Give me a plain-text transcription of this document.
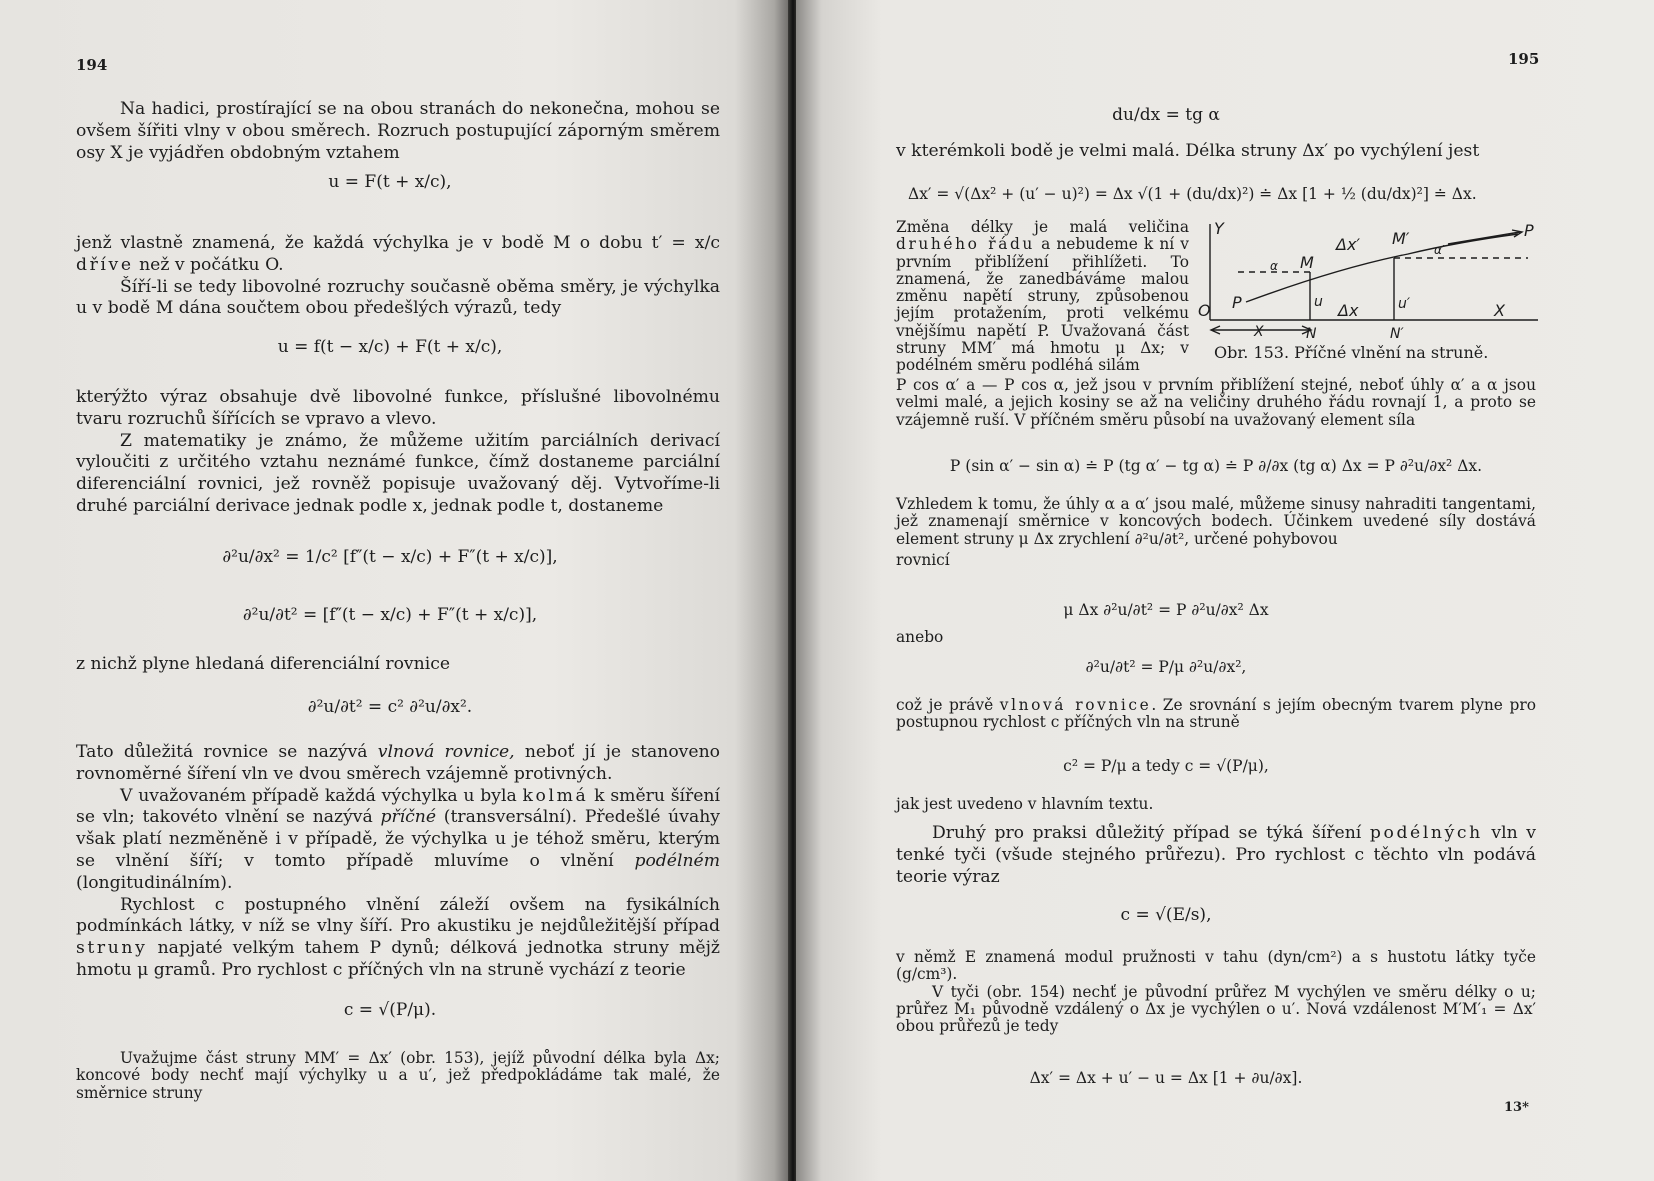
194

Na hadici, prostírající se na obou stranách do nekonečna, mohou se ovšem šířiti vlny v obou směrech. Rozruch postupující záporným směrem osy X je vyjádřen obdobným vztahem

u = F(t + x/c),

jenž vlastně znamená, že každá výchylka je v bodě M o dobu t′ = x/c dříve než v počátku O.

Šíří-li se tedy libovolné rozruchy současně oběma směry, je výchylka u v bodě M dána součtem obou předešlých výrazů, tedy

u = f(t − x/c) + F(t + x/c),

kterýžto výraz obsahuje dvě libovolné funkce, příslušné libovolnému tvaru rozruchů šířících se vpravo a vlevo.

Z matematiky je známo, že můžeme užitím parciálních derivací vyloučiti z určitého vztahu neznámé funkce, čímž dostaneme parciální diferenciální rovnici, jež rovněž popisuje uvažovaný děj. Vytvoříme-li druhé parciální derivace jednak podle x, jednak podle t, dostaneme

∂²u/∂x² = 1/c² [f″(t − x/c) + F″(t + x/c)],
∂²u/∂t² = [f″(t − x/c) + F″(t + x/c)],

z nichž plyne hledaná diferenciální rovnice

∂²u/∂t² = c² ∂²u/∂x².

Tato důležitá rovnice se nazývá vlnová rovnice, neboť jí je stanoveno rovnoměrné šíření vln ve dvou směrech vzájemně protivných.

V uvažovaném případě každá výchylka u byla kolmá k směru šíření se vln; takovéto vlnění se nazývá příčné (transversální). Předešlé úvahy však platí nezměněně i v případě, že výchylka u je téhož směru, kterým se vlnění šíří; v tomto případě mluvíme o vlnění podélném (longitudinálním).

Rychlost c postupného vlnění záleží ovšem na fysikálních podmínkách látky, v níž se vlny šíří. Pro akustiku je nejdůležitější případ struny napjaté velkým tahem P dynů; délková jednotka struny mějž hmotu μ gramů. Pro rychlost c příčných vln na struně vychází z teorie

c = √(P/μ).

Uvažujme část struny MM′ = Δx′ (obr. 153), jejíž původní délka byla Δx; koncové body nechť mají výchylky u a u′, jež předpokládáme tak malé, že směrnice struny

195
du/dx = tg α

v kterémkoli bodě je velmi malá. Délka struny Δx′ po vychýlení jest

Δx′ = √(Δx² + (u′ − u)²) = Δx √(1 + (du/dx)²) ≐ Δx [1 + ½ (du/dx)²] ≐ Δx.

Změna délky je malá veličina druhého řádu a nebudeme k ní v prvním přiblížení přihlížeti. To znamená, že zanedbáváme malou změnu napětí struny, způsobenou jejím protažením, proti velkému vnějšímu napětí P. Uvažovaná část struny MM′ má hmotu μ Δx; v podélném směru podléhá silám

Y
M
Δx′ M′
α′
P
α
P	u Δx	u′
O	X
X	N	N′
Obr. 153. Příčné vlnění na struně.

P cos α′ a — P cos α, jež jsou v prvním přiblížení stejné, neboť úhly α′ a α jsou velmi malé, a jejich kosiny se až na veličiny druhého řádu rovnají 1, a proto se vzájemně ruší. V příčném směru působí na uvažovaný element síla

P (sin α′ − sin α) ≐ P (tg α′ − tg α) ≐ P ∂/∂x (tg α) Δx = P ∂²u/∂x² Δx.

Vzhledem k tomu, že úhly α a α′ jsou malé, můžeme sinusy nahraditi tangentami, jež znamenají směrnice v koncových bodech. Účinkem uvedené síly dostává element struny μ Δx zrychlení ∂²u/∂t², určené pohybovou

rovnicí

μ Δx ∂²u/∂t² = P ∂²u/∂x² Δx

anebo

∂²u/∂t² = P/μ ∂²u/∂x²,

což je právě vlnová rovnice. Ze srovnání s jejím obecným tvarem plyne pro postupnou rychlost c příčných vln na struně

c² = P/μ a tedy c = √(P/μ),

jak jest uvedeno v hlavním textu.

Druhý pro praksi důležitý případ se týká šíření podélných vln v tenké tyči (všude stejného průřezu). Pro rychlost c těchto vln podává teorie výraz

c = √(E/s),

v němž E znamená modul pružnosti v tahu (dyn/cm²) a s hustotu látky tyče (g/cm³).

V tyči (obr. 154) nechť je původní průřez M vychýlen ve směru délky o u; průřez M₁ původně vzdálený o Δx je vychýlen o u′. Nová vzdálenost M′M′₁ = Δx′ obou průřezů je tedy

Δx′ = Δx + u′ − u = Δx [1 + ∂u/∂x].
13*
